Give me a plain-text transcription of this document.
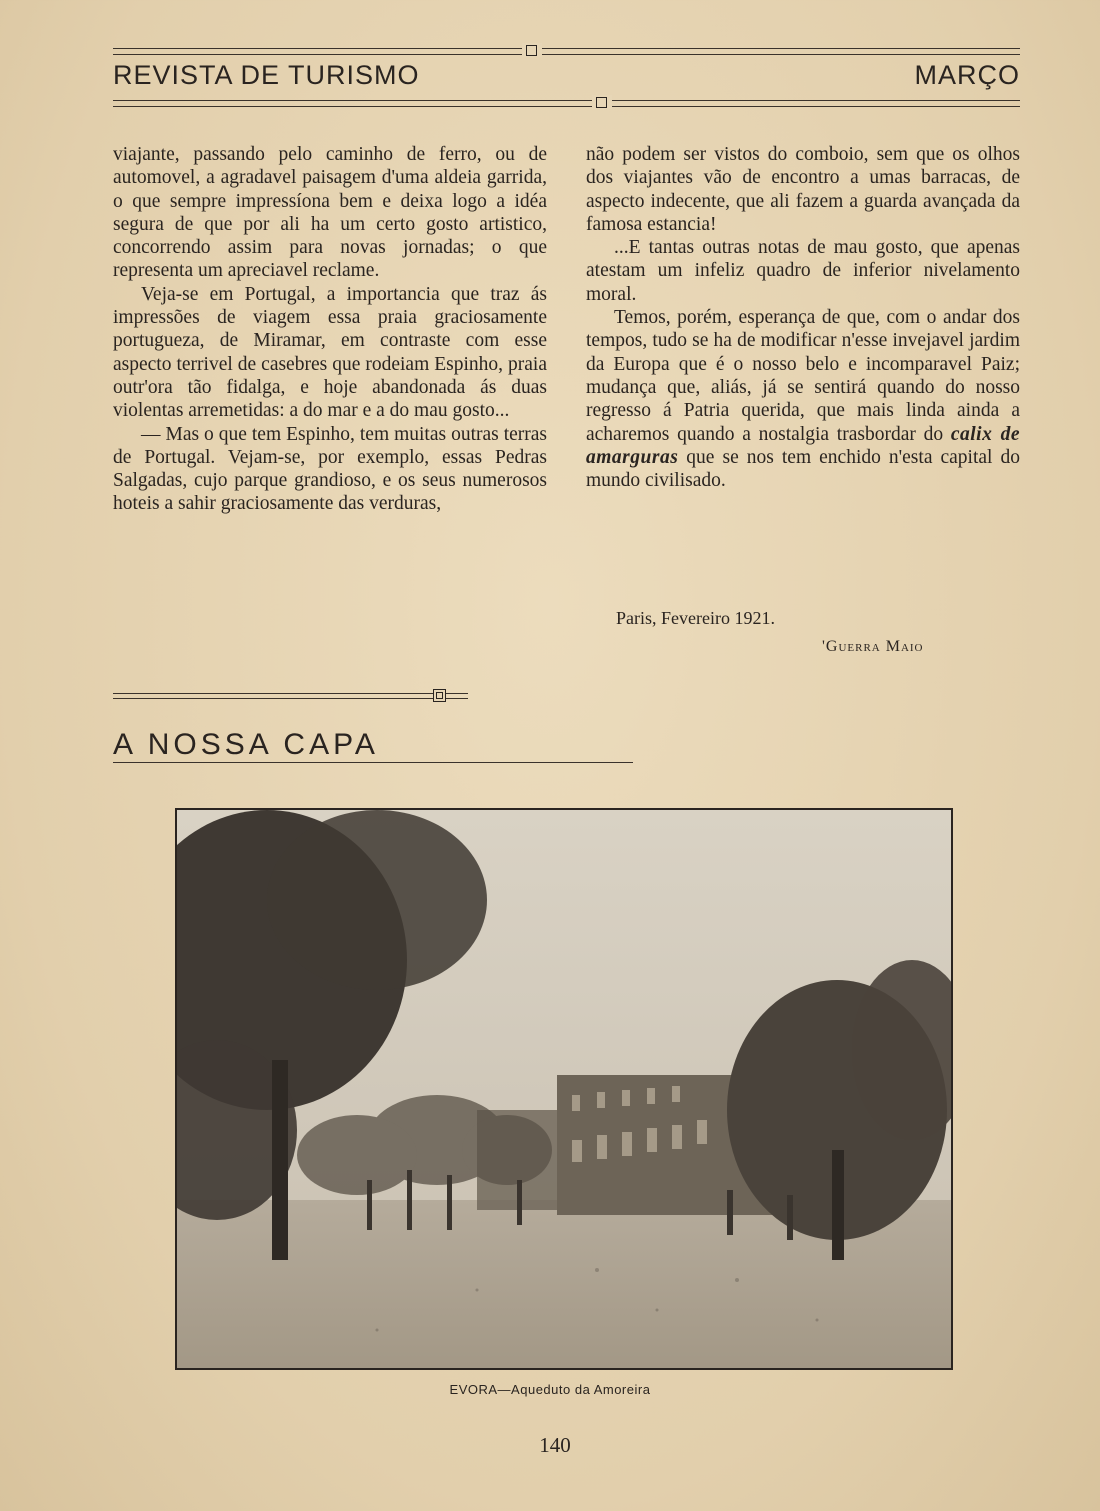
REVISTA DE TURISMO	MARÇO

viajante, passando pelo caminho de ferro, ou de automovel, a agradavel paisagem d'uma aldeia garrida, o que sempre impressíona bem e deixa logo a idéa segura de que por ali ha um certo gosto artistico, concorrendo assim para novas jornadas; o que representa um apreciavel reclame.

Veja-se em Portugal, a importancia que traz ás impressões de viagem essa praia graciosamente portugueza, de Miramar, em contraste com esse aspecto terrivel de casebres que rodeiam Espinho, praia outr'ora tão fidalga, e hoje abandonada ás duas violentas arremetidas: a do mar e a do mau gosto...

— Mas o que tem Espinho, tem muitas outras terras de Portugal. Vejam-se, por exemplo, essas Pedras Salgadas, cujo parque grandioso, e os seus numerosos hoteis a sahir graciosamente das verduras,

não podem ser vistos do comboio, sem que os olhos dos viajantes vão de encontro a umas barracas, de aspecto indecente, que ali fazem a guarda avançada da famosa estancia!

...E tantas outras notas de mau gosto, que apenas atestam um infeliz quadro de inferior nivelamento moral.

Temos, porém, esperança de que, com o andar dos tempos, tudo se ha de modificar n'esse invejavel jardim da Europa que é o nosso belo e incomparavel Paiz; mudança que, aliás, já se sentirá quando do nosso regresso á Patria querida, que mais linda ainda a acharemos quando a nostalgia trasbordar do calix de amarguras que se nos tem enchido n'esta capital do mundo civilisado.

Paris, Fevereiro 1921.
'Guerra Maio
A NOSSA CAPA
EVORA—Aqueduto da Amoreira
140
